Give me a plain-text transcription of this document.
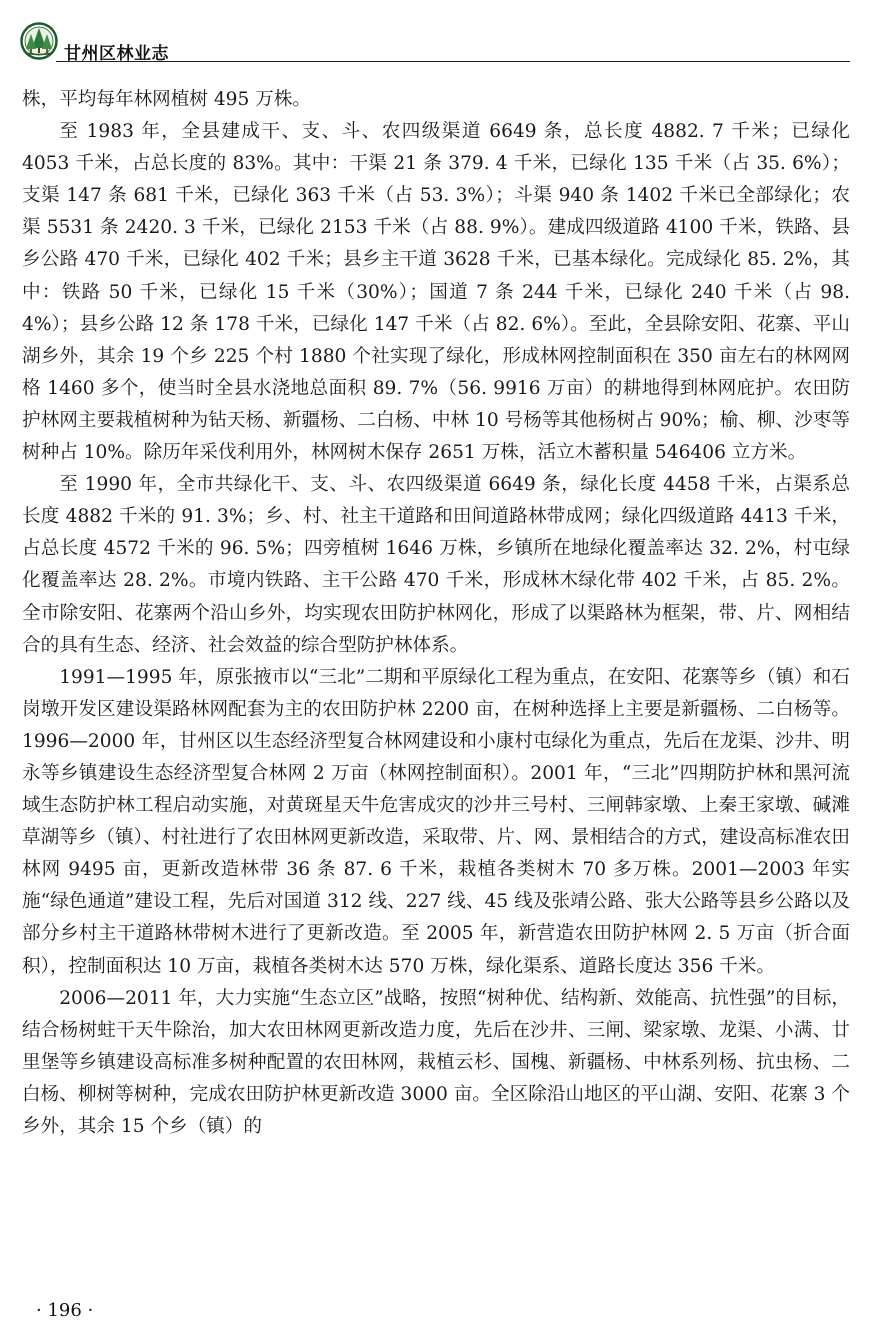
甘州区林业志

株，平均每年林网植树 495 万株。

至 1983 年，全县建成干、支、斗、农四级渠道 6649 条，总长度 4882. 7 千米；已绿化 4053 千米，占总长度的 83%。其中：干渠 21 条 379. 4 千米，已绿化 135 千米（占 35. 6%）；支渠 147 条 681 千米，已绿化 363 千米（占 53. 3%）；斗渠 940 条 1402 千米已全部绿化；农渠 5531 条 2420. 3 千米，已绿化 2153 千米（占 88. 9%）。建成四级道路 4100 千米，铁路、县乡公路 470 千米，已绿化 402 千米；县乡主干道 3628 千米，已基本绿化。完成绿化 85. 2%，其中：铁路 50 千米，已绿化 15 千米（30%）；国道 7 条 244 千米，已绿化 240 千米（占 98. 4%）；县乡公路 12 条 178 千米，已绿化 147 千米（占 82. 6%）。至此，全县除安阳、花寨、平山湖乡外，其余 19 个乡 225 个村 1880 个社实现了绿化，形成林网控制面积在 350 亩左右的林网网格 1460 多个，使当时全县水浇地总面积 89. 7%（56. 9916 万亩）的耕地得到林网庇护。农田防护林网主要栽植树种为钻天杨、新疆杨、二白杨、中林 10 号杨等其他杨树占 90%；榆、柳、沙枣等树种占 10%。除历年采伐利用外，林网树木保存 2651 万株，活立木蓄积量 546406 立方米。

至 1990 年，全市共绿化干、支、斗、农四级渠道 6649 条，绿化长度 4458 千米，占渠系总长度 4882 千米的 91. 3%；乡、村、社主干道路和田间道路林带成网；绿化四级道路 4413 千米，占总长度 4572 千米的 96. 5%；四旁植树 1646 万株，乡镇所在地绿化覆盖率达 32. 2%，村屯绿化覆盖率达 28. 2%。市境内铁路、主干公路 470 千米，形成林木绿化带 402 千米，占 85. 2%。全市除安阳、花寨两个沿山乡外，均实现农田防护林网化，形成了以渠路林为框架，带、片、网相结合的具有生态、经济、社会效益的综合型防护林体系。

1991—1995 年，原张掖市以“三北”二期和平原绿化工程为重点，在安阳、花寨等乡（镇）和石岗墩开发区建设渠路林网配套为主的农田防护林 2200 亩，在树种选择上主要是新疆杨、二白杨等。1996—2000 年，甘州区以生态经济型复合林网建设和小康村屯绿化为重点，先后在龙渠、沙井、明永等乡镇建设生态经济型复合林网 2 万亩（林网控制面积）。2001 年，“三北”四期防护林和黑河流域生态防护林工程启动实施，对黄斑星天牛危害成灾的沙井三号村、三闸韩家墩、上秦王家墩、碱滩草湖等乡（镇）、村社进行了农田林网更新改造，采取带、片、网、景相结合的方式，建设高标准农田林网 9495 亩，更新改造林带 36 条 87. 6 千米，栽植各类树木 70 多万株。2001—2003 年实施“绿色通道”建设工程，先后对国道 312 线、227 线、45 线及张靖公路、张大公路等县乡公路以及部分乡村主干道路林带树木进行了更新改造。至 2005 年，新营造农田防护林网 2. 5 万亩（折合面积），控制面积达 10 万亩，栽植各类树木达 570 万株，绿化渠系、道路长度达 356 千米。

2006—2011 年，大力实施“生态立区”战略，按照“树种优、结构新、效能高、抗性强”的目标，结合杨树蛀干天牛除治，加大农田林网更新改造力度，先后在沙井、三闸、梁家墩、龙渠、小满、廿里堡等乡镇建设高标准多树种配置的农田林网，栽植云杉、国槐、新疆杨、中林系列杨、抗虫杨、二白杨、柳树等树种，完成农田防护林更新改造 3000 亩。全区除沿山地区的平山湖、安阳、花寨 3 个乡外，其余 15 个乡（镇）的

· 196 ·
